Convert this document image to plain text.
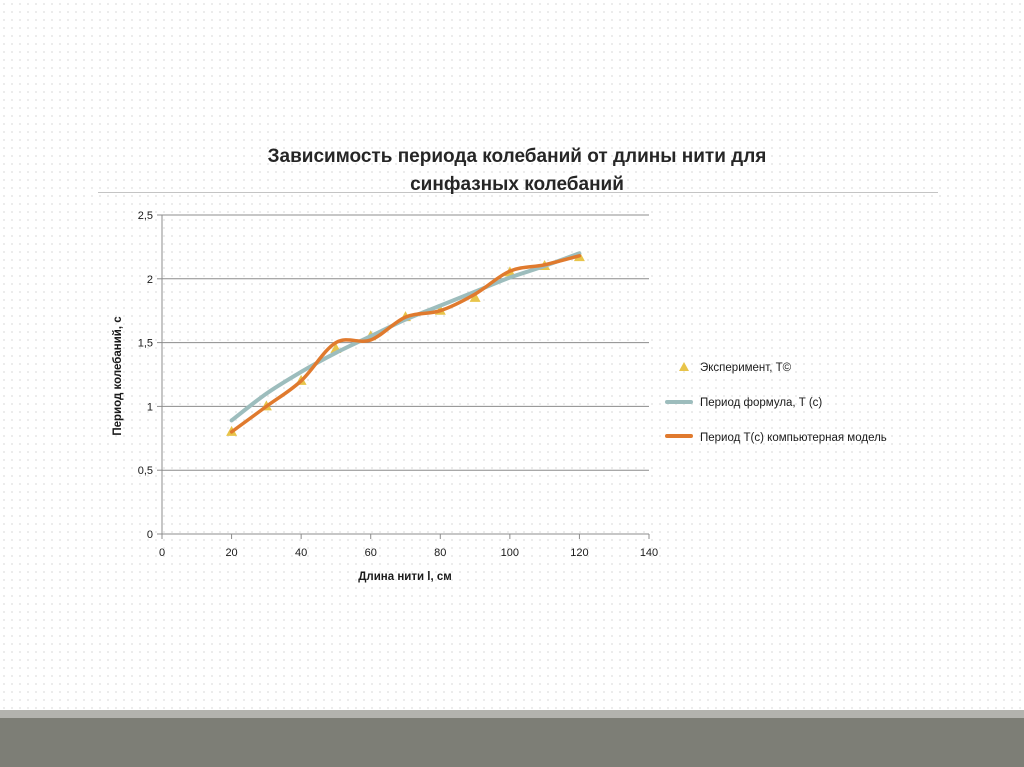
Зависимость периода колебаний от длины нити для
синфазных колебаний
0
0,5
1
1,5
2
2,5
0	20	40	60	80	100	120	140
Длина нити l, см
Период колебаний, с	Эксперимент, T©
Период формула, T (с)
Период T(с) компьютерная модель
